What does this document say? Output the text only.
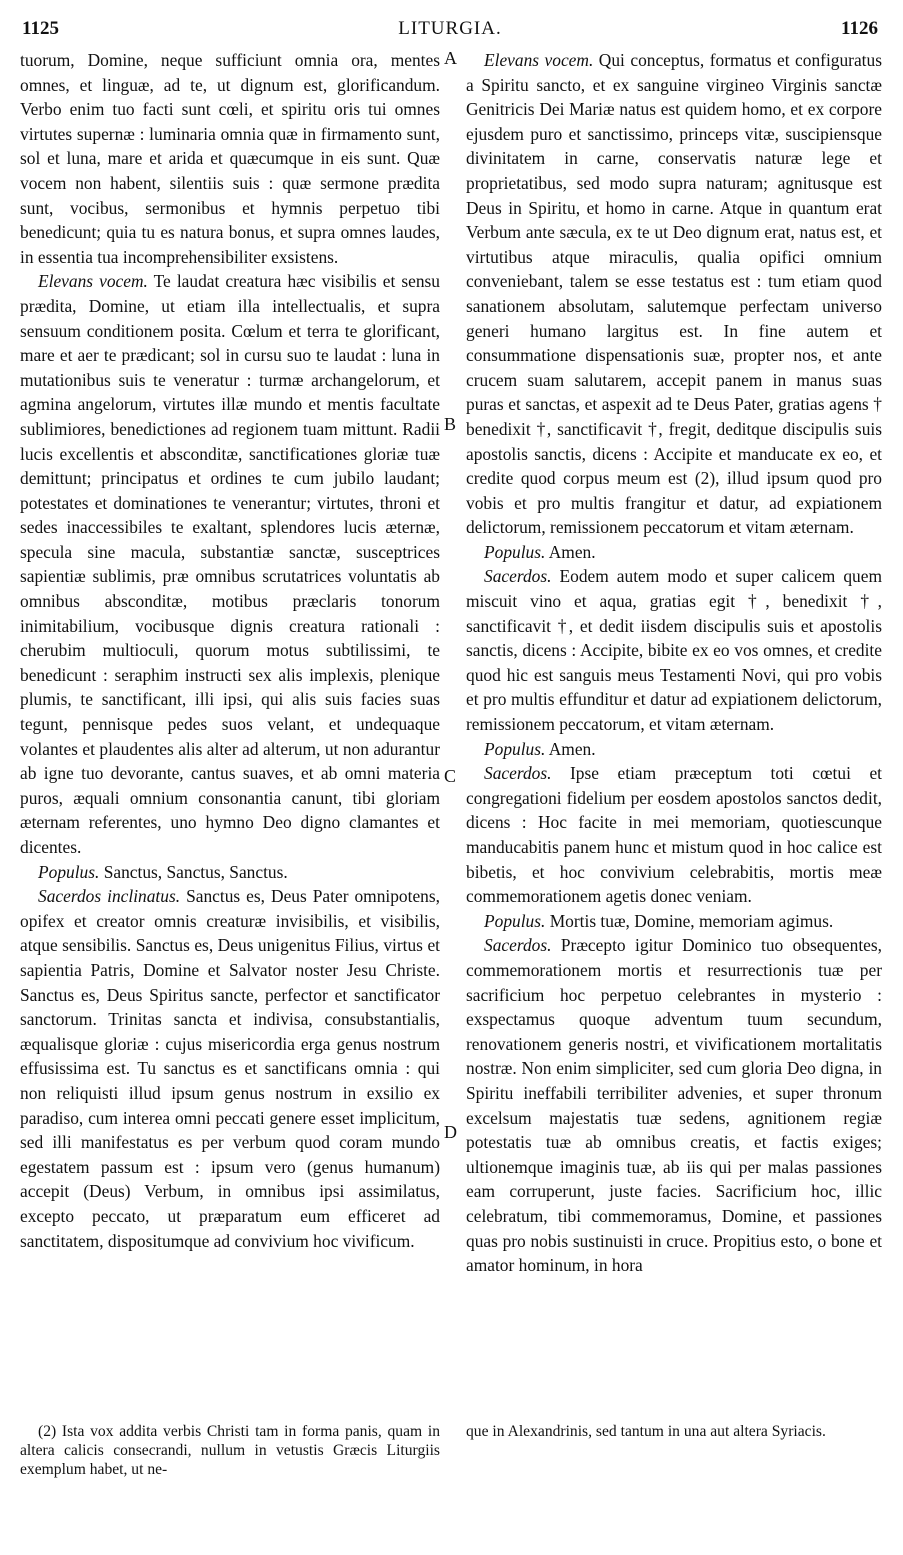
1125	LITURGIA.	1126

tuorum, Domine, neque sufficiunt omnia ora, mentes omnes, et linguæ, ad te, ut dignum est, glorificandum. Verbo enim tuo facti sunt cœli, et spiritu oris tui omnes virtutes supernæ : luminaria omnia quæ in firmamento sunt, sol et luna, mare et arida et quæcumque in eis sunt. Quæ vocem non habent, silentiis suis : quæ sermone prædita sunt, vocibus, sermonibus et hymnis perpetuo tibi benedicunt; quia tu es natura bonus, et supra omnes laudes, in essentia tua incomprehensibiliter exsistens.

Elevans vocem. Te laudat creatura hæc visibilis et sensu prædita, Domine, ut etiam illa intellectualis, et supra sensuum conditionem posita. Cœlum et terra te glorificant, mare et aer te prædicant; sol in cursu suo te laudat : luna in mutationibus suis te veneratur : turmæ archangelorum, et agmina angelorum, virtutes illæ mundo et mentis facultate sublimiores, benedictiones ad regionem tuam mittunt. Radii lucis excellentis et absconditæ, sanctificationes gloriæ tuæ demittunt; principatus et ordines te cum jubilo laudant; potestates et dominationes te venerantur; virtutes, throni et sedes inaccessibiles te exaltant, splendores lucis æternæ, specula sine macula, substantiæ sanctæ, susceptrices sapientiæ sublimis, præ omnibus scrutatrices voluntatis ab omnibus absconditæ, motibus præclaris tonorum inimitabilium, vocibusque dignis creatura rationali : cherubim multioculi, quorum motus subtilissimi, te benedicunt : seraphim instructi sex alis implexis, plenique plumis, te sanctificant, illi ipsi, qui alis suis facies suas tegunt, pennisque pedes suos velant, et undequaque volantes et plaudentes alis alter ad alterum, ut non adurantur ab igne tuo devorante, cantus suaves, et ab omni materia puros, æquali omnium consonantia canunt, tibi gloriam æternam referentes, uno hymno Deo digno clamantes et dicentes.

Populus. Sanctus, Sanctus, Sanctus.

Sacerdos inclinatus. Sanctus es, Deus Pater omnipotens, opifex et creator omnis creaturæ invisibilis, et visibilis, atque sensibilis. Sanctus es, Deus unigenitus Filius, virtus et sapientia Patris, Domine et Salvator noster Jesu Christe. Sanctus es, Deus Spiritus sancte, perfector et sanctificator sanctorum. Trinitas sancta et indivisa, consubstantialis, æqualisque gloriæ : cujus misericordia erga genus nostrum effusissima est. Tu sanctus es et sanctificans omnia : qui non reliquisti illud ipsum genus nostrum in exsilio ex paradiso, cum interea omni peccati genere esset implicitum, sed illi manifestatus es per verbum quod coram mundo egestatem passum est : ipsum vero (genus humanum) accepit (Deus) Verbum, in omnibus ipsi assimilatus, excepto peccato, ut præparatum eum efficeret ad sanctitatem, dispositumque ad convivium hoc vivificum.

A
B
C
D

Elevans vocem. Qui conceptus, formatus et configuratus a Spiritu sancto, et ex sanguine virgineo Virginis sanctæ Genitricis Dei Mariæ natus est quidem homo, et ex corpore ejusdem puro et sanctissimo, princeps vitæ, suscipiensque divinitatem in carne, conservatis naturæ lege et proprietatibus, sed modo supra naturam; agnitusque est Deus in Spiritu, et homo in carne. Atque in quantum erat Verbum ante sæcula, ex te ut Deo dignum erat, natus est, et virtutibus atque miraculis, qualia opifici omnium conveniebant, talem se esse testatus est : tum etiam quod sanationem absolutam, salutemque perfectam universo generi humano largitus est. In fine autem et consummatione dispensationis suæ, propter nos, et ante crucem suam salutarem, accepit panem in manus suas puras et sanctas, et aspexit ad te Deus Pater, gratias agens † benedixit †, sanctificavit †, fregit, deditque discipulis suis apostolis sanctis, dicens : Accipite et manducate ex eo, et credite quod corpus meum est (2), illud ipsum quod pro vobis et pro multis frangitur et datur, ad expiationem delictorum, remissionem peccatorum et vitam æternam.

Populus. Amen.

Sacerdos. Eodem autem modo et super calicem quem miscuit vino et aqua, gratias egit †, benedixit †, sanctificavit †, et dedit iisdem discipulis suis et apostolis sanctis, dicens : Accipite, bibite ex eo vos omnes, et credite quod hic est sanguis meus Testamenti Novi, qui pro vobis et pro multis effunditur et datur ad expiationem delictorum, remissionem peccatorum, et vitam æternam.

Populus. Amen.

Sacerdos. Ipse etiam præceptum toti cœtui et congregationi fidelium per eosdem apostolos sanctos dedit, dicens : Hoc facite in mei memoriam, quotiescunque manducabitis panem hunc et mistum quod in hoc calice est bibetis, et hoc convivium celebrabitis, mortis meæ commemorationem agetis donec veniam.

Populus. Mortis tuæ, Domine, memoriam agimus.

Sacerdos. Præcepto igitur Dominico tuo obsequentes, commemorationem mortis et resurrectionis tuæ per sacrificium hoc perpetuo celebrantes in mysterio : exspectamus quoque adventum tuum secundum, renovationem generis nostri, et vivificationem mortalitatis nostræ. Non enim simpliciter, sed cum gloria Deo digna, in Spiritu ineffabili terribiliter advenies, et super thronum excelsum majestatis tuæ sedens, agnitionem regiæ potestatis tuæ ab omnibus creatis, et factis exiges; ultionemque imaginis tuæ, ab iis qui per malas passiones eam corruperunt, juste facies. Sacrificium hoc, illic celebratum, tibi commemoramus, Domine, et passiones quas pro nobis sustinuisti in cruce. Propitius esto, o bone et amator hominum, in hora

(2) Ista vox addita verbis Christi tam in forma panis, quam in altera calicis consecrandi, nullum in vetustis Græcis Liturgiis exemplum habet, ut ne-

que in Alexandrinis, sed tantum in una aut altera Syriacis.
